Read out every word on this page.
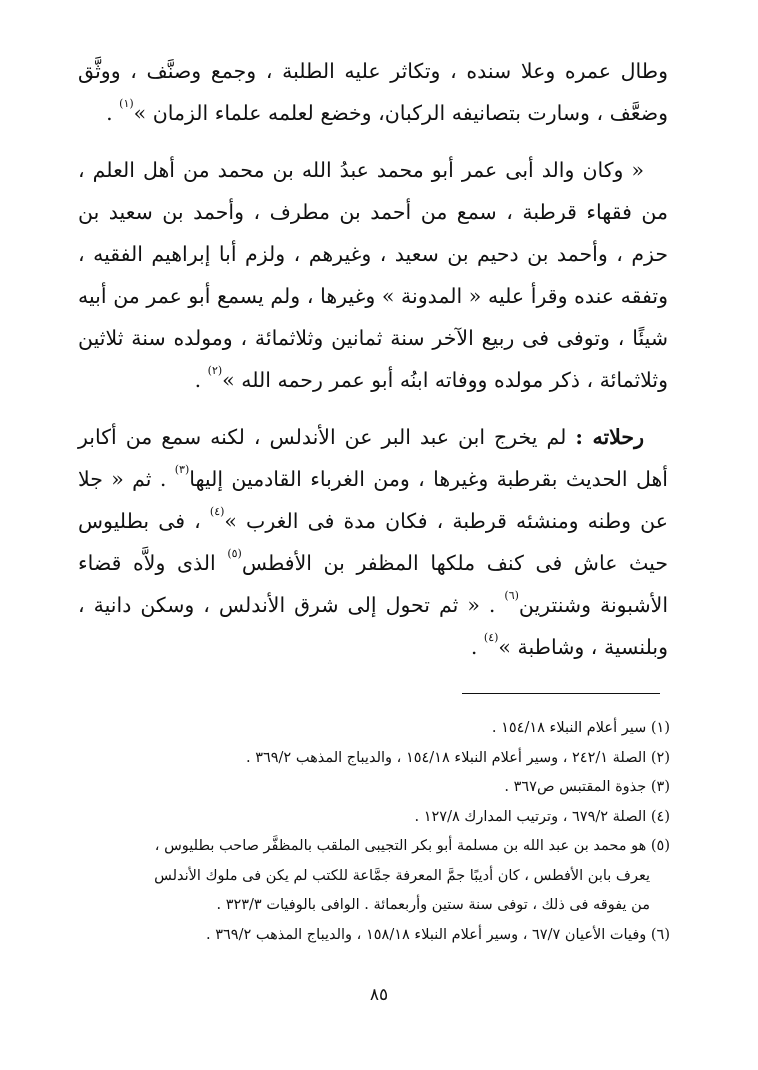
وطال عمره وعلا سنده ، وتكاثر عليه الطلبة ، وجمع وصنَّف ، ووثَّق وضعَّف ، وسارت بتصانيفه الركبان، وخضع لعلمه علماء الزمان »$^{(١)}$ .

« وكان والد أبى عمر أبو محمد عبدُ الله بن محمد من أهل العلم ، من فقهاء قرطبة ، سمع من أحمد بن مطرف ، وأحمد بن سعيد بن حزم ، وأحمد بن دحيم بن سعيد ، وغيرهم ، ولزم أبا إبراهيم الفقيه ، وتفقه عنده وقرأ عليه « المدونة » وغيرها ، ولم يسمع أبو عمر من أبيه شيئًا ، وتوفى فى ربيع الآخر سنة ثمانين وثلاثمائة ، ومولده سنة ثلاثين وثلاثمائة ، ذكر مولده ووفاته ابنُه أبو عمر رحمه الله »$^{(٢)}$ .

رحلاته : لم يخرج ابن عبد البر عن الأندلس ، لكنه سمع من أكابر أهل الحديث بقرطبة وغيرها ، ومن الغرباء القادمين إليها$^{(٣)}$ . ثم « جلا عن وطنه ومنشئه قرطبة ، فكان مدة فى الغرب »$^{(٤)}$ ، فى بطليوس حيث عاش فى كنف ملكها المظفر بن الأفطس$^{(٥)}$ الذى ولاَّه قضاء الأشبونة وشنترين$^{(٦)}$ . « ثم تحول إلى شرق الأندلس ، وسكن دانية ، وبلنسية ، وشاطبة »$^{(٤)}$ .

(١) سير أعلام النبلاء ١٥٤/١٨ .

(٢) الصلة ٢٤٢/١ ، وسير أعلام النبلاء ١٥٤/١٨ ، والديباج المذهب ٣٦٩/٢ .

(٣) جذوة المقتبس ص٣٦٧ .

(٤) الصلة ٦٧٩/٢ ، وترتيب المدارك ١٢٧/٨ .

(٥) هو محمد بن عبد الله بن مسلمة أبو بكر التجيبى الملقب بالمظفَّر صاحب بطليوس ،

يعرف بابن الأفطس ، كان أديبًا جمَّ المعرفة جمَّاعة للكتب لم يكن فى ملوك الأندلس

من يفوقه فى ذلك ، توفى سنة ستين وأربعمائة . الوافى بالوفيات ٣٢٣/٣ .

(٦) وفيات الأعيان ٦٧/٧ ، وسير أعلام النبلاء ١٥٨/١٨ ، والديباج المذهب ٣٦٩/٢ .

٨٥
